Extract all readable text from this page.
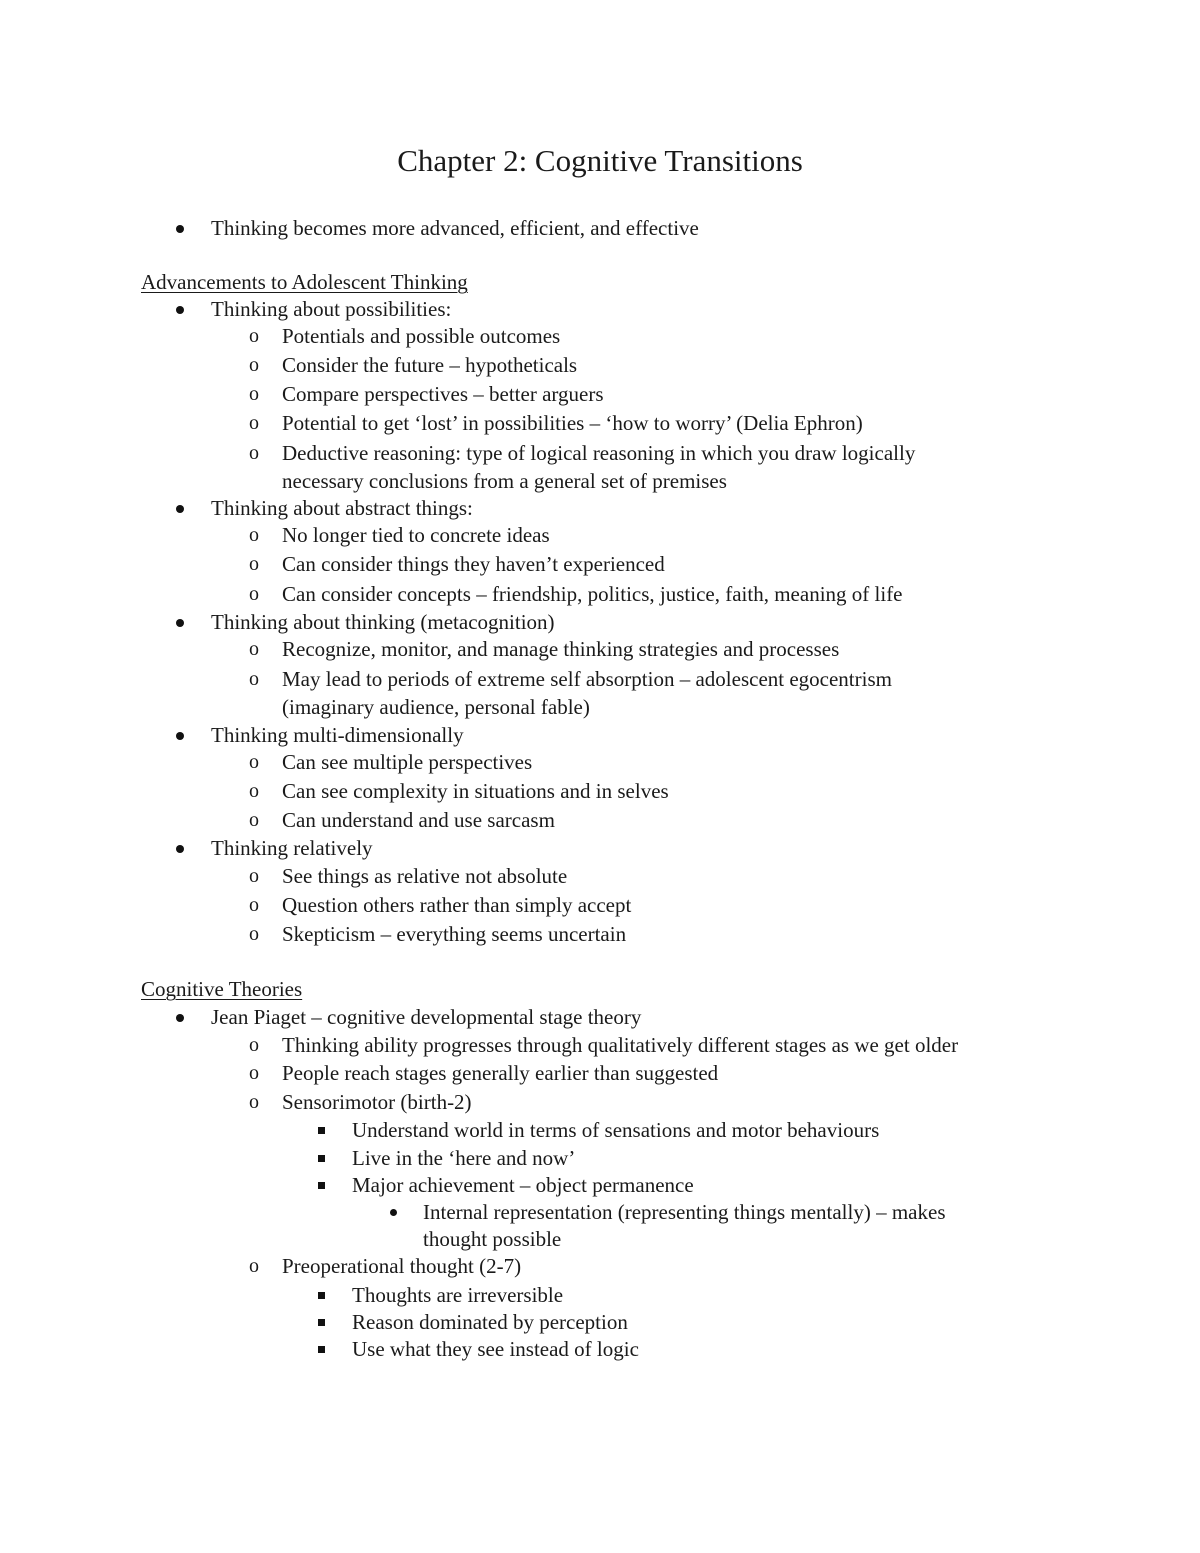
Chapter 2: Cognitive Transitions
Thinking becomes more advanced, efficient, and effective
Advancements to Adolescent Thinking
Thinking about possibilities:
o Potentials and possible outcomes
o Consider the future – hypotheticals
o Compare perspectives – better arguers
o Potential to get ‘lost’ in possibilities – ‘how to worry’ (Delia Ephron)
o Deductive reasoning: type of logical reasoning in which you draw logically
necessary conclusions from a general set of premises
Thinking about abstract things:
o No longer tied to concrete ideas
o Can consider things they haven’t experienced
o Can consider concepts – friendship, politics, justice, faith, meaning of life
Thinking about thinking (metacognition)
o Recognize, monitor, and manage thinking strategies and processes
o May lead to periods of extreme self absorption – adolescent egocentrism
(imaginary audience, personal fable)
Thinking multi-dimensionally
o Can see multiple perspectives
o Can see complexity in situations and in selves
o Can understand and use sarcasm
Thinking relatively
o See things as relative not absolute
o Question others rather than simply accept
o Skepticism – everything seems uncertain
Cognitive Theories
Jean Piaget – cognitive developmental stage theory
o Thinking ability progresses through qualitatively different stages as we get older
o People reach stages generally earlier than suggested
o Sensorimotor (birth-2)
Understand world in terms of sensations and motor behaviours
Live in the ‘here and now’
Major achievement – object permanence
Internal representation (representing things mentally) – makes
thought possible
o Preoperational thought (2-7)
Thoughts are irreversible
Reason dominated by perception
Use what they see instead of logic
